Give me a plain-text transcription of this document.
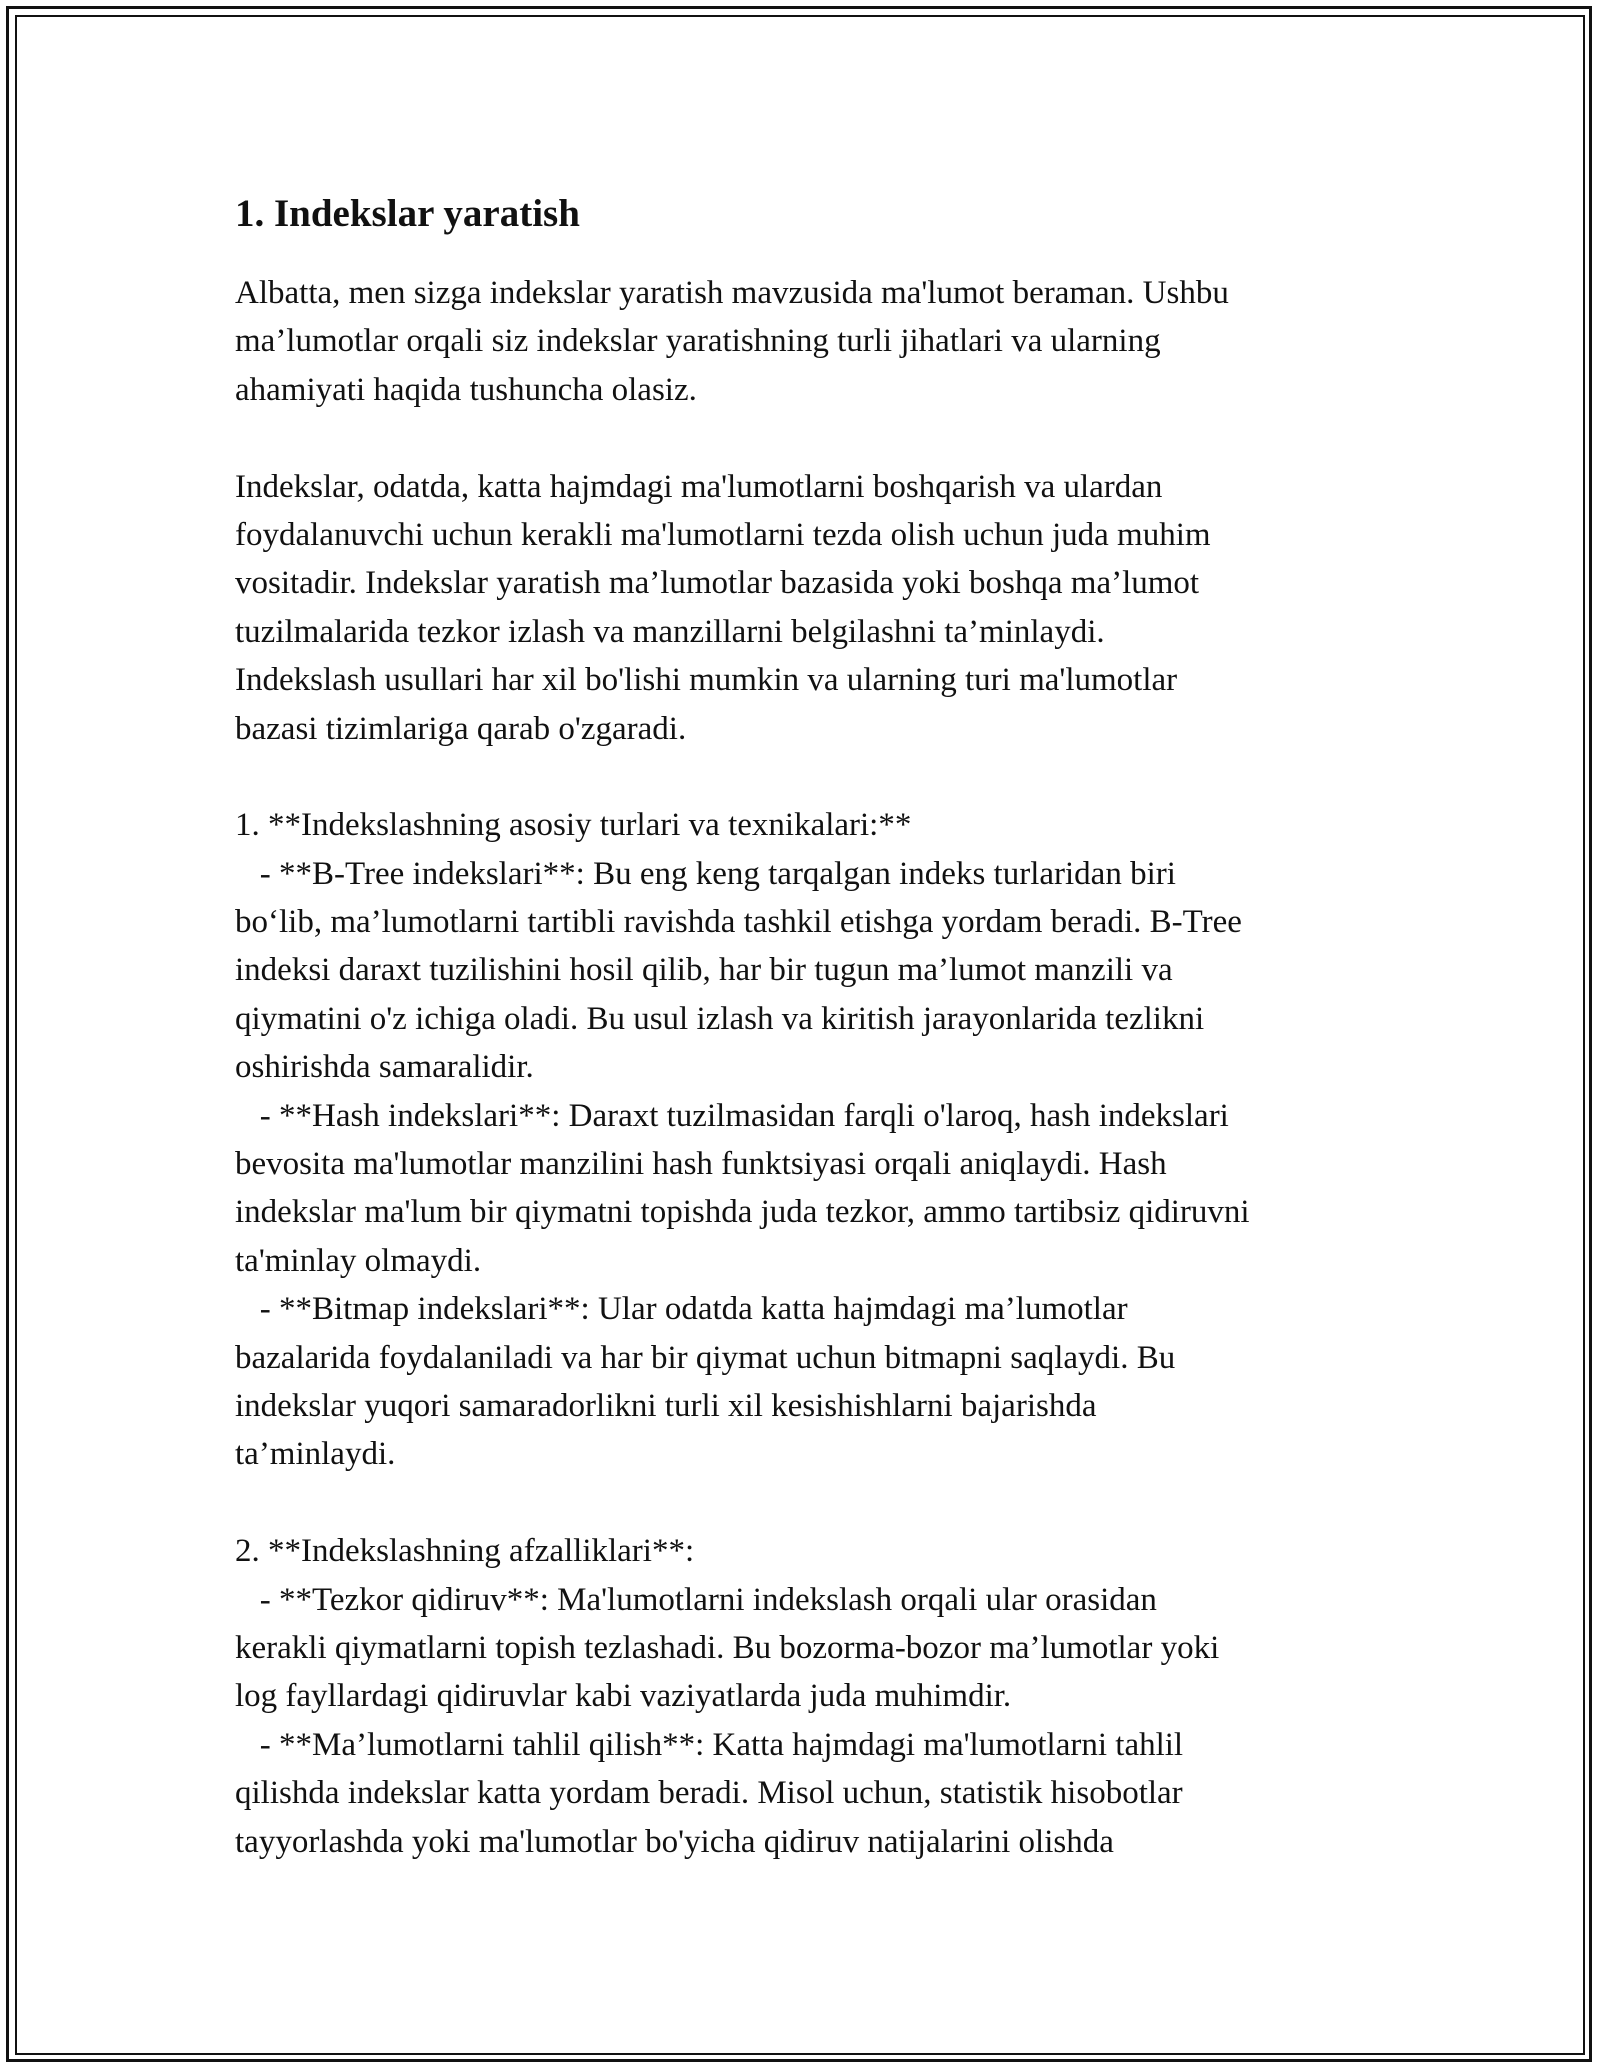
1. Indekslar yaratish
Albatta, men sizga indekslar yaratish mavzusida ma'lumot beraman. Ushbu
ma’lumotlar orqali siz indekslar yaratishning turli jihatlari va ularning
ahamiyati haqida tushuncha olasiz.
Indekslar, odatda, katta hajmdagi ma'lumotlarni boshqarish va ulardan
foydalanuvchi uchun kerakli ma'lumotlarni tezda olish uchun juda muhim
vositadir. Indekslar yaratish ma’lumotlar bazasida yoki boshqa ma’lumot
tuzilmalarida tezkor izlash va manzillarni belgilashni ta’minlaydi.
Indekslash usullari har xil bo'lishi mumkin va ularning turi ma'lumotlar
bazasi tizimlariga qarab o'zgaradi.
1. **Indekslashning asosiy turlari va texnikalari:**
- **B-Tree indekslari**: Bu eng keng tarqalgan indeks turlaridan biri
bo‘lib, ma’lumotlarni tartibli ravishda tashkil etishga yordam beradi. B-Tree
indeksi daraxt tuzilishini hosil qilib, har bir tugun ma’lumot manzili va
qiymatini o'z ichiga oladi. Bu usul izlash va kiritish jarayonlarida tezlikni
oshirishda samaralidir.
- **Hash indekslari**: Daraxt tuzilmasidan farqli o'laroq, hash indekslari
bevosita ma'lumotlar manzilini hash funktsiyasi orqali aniqlaydi. Hash
indekslar ma'lum bir qiymatni topishda juda tezkor, ammo tartibsiz qidiruvni
ta'minlay olmaydi.
- **Bitmap indekslari**: Ular odatda katta hajmdagi ma’lumotlar
bazalarida foydalaniladi va har bir qiymat uchun bitmapni saqlaydi. Bu
indekslar yuqori samaradorlikni turli xil kesishishlarni bajarishda
ta’minlaydi.
2. **Indekslashning afzalliklari**:
- **Tezkor qidiruv**: Ma'lumotlarni indekslash orqali ular orasidan
kerakli qiymatlarni topish tezlashadi. Bu bozorma-bozor ma’lumotlar yoki
log fayllardagi qidiruvlar kabi vaziyatlarda juda muhimdir.
- **Ma’lumotlarni tahlil qilish**: Katta hajmdagi ma'lumotlarni tahlil
qilishda indekslar katta yordam beradi. Misol uchun, statistik hisobotlar
tayyorlashda yoki ma'lumotlar bo'yicha qidiruv natijalarini olishda
